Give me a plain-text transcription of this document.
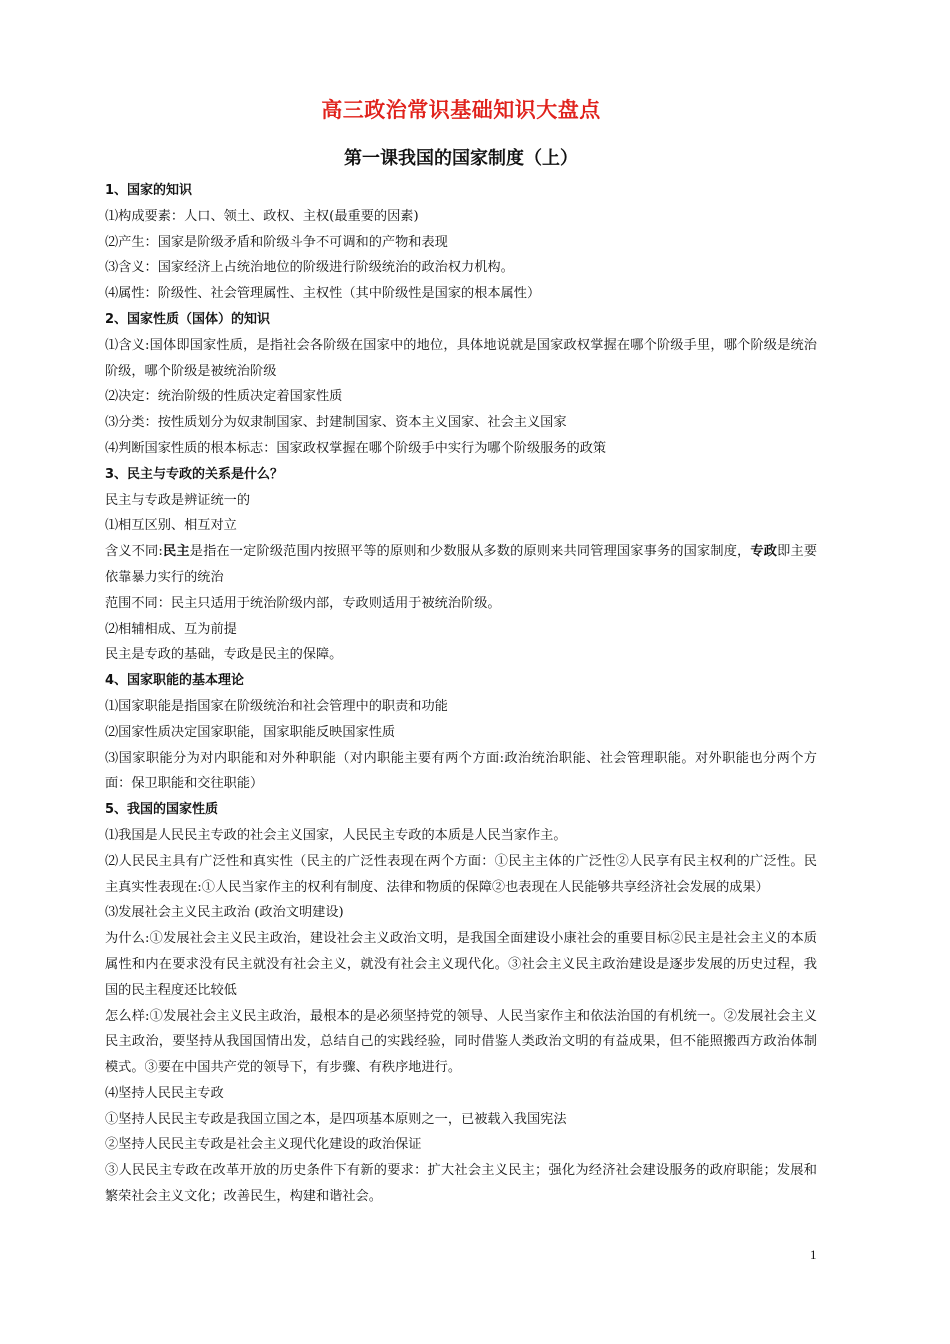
高三政治常识基础知识大盘点
第一课我国的国家制度（上）
1、国家的知识
⑴构成要素：人口、领土、政权、主权(最重要的因素)
⑵产生：国家是阶级矛盾和阶级斗争不可调和的产物和表现
⑶含义：国家经济上占统治地位的阶级进行阶级统治的政治权力机构。
⑷属性：阶级性、社会管理属性、主权性（其中阶级性是国家的根本属性）
2、国家性质（国体）的知识
⑴含义:国体即国家性质，是指社会各阶级在国家中的地位，具体地说就是国家政权掌握在哪个阶级手里，哪个阶级是统治阶级，哪个阶级是被统治阶级
⑵决定：统治阶级的性质决定着国家性质
⑶分类：按性质划分为奴隶制国家、封建制国家、资本主义国家、社会主义国家
⑷判断国家性质的根本标志：国家政权掌握在哪个阶级手中实行为哪个阶级服务的政策
3、民主与专政的关系是什么？
民主与专政是辨证统一的
⑴相互区别、相互对立
含义不同:民主是指在一定阶级范围内按照平等的原则和少数服从多数的原则来共同管理国家事务的国家制度，专政即主要依靠暴力实行的统治
范围不同：民主只适用于统治阶级内部，专政则适用于被统治阶级。
⑵相辅相成、互为前提
民主是专政的基础，专政是民主的保障。
4、国家职能的基本理论
⑴国家职能是指国家在阶级统治和社会管理中的职责和功能
⑵国家性质决定国家职能，国家职能反映国家性质
⑶国家职能分为对内职能和对外种职能（对内职能主要有两个方面:政治统治职能、社会管理职能。对外职能也分两个方面：保卫职能和交往职能）
5、我国的国家性质
⑴我国是人民民主专政的社会主义国家，人民民主专政的本质是人民当家作主。
⑵人民民主具有广泛性和真实性（民主的广泛性表现在两个方面：①民主主体的广泛性②人民享有民主权利的广泛性。民主真实性表现在:①人民当家作主的权利有制度、法律和物质的保障②也表现在人民能够共享经济社会发展的成果）
⑶发展社会主义民主政治 (政治文明建设)
为什么:①发展社会主义民主政治，建设社会主义政治文明，是我国全面建设小康社会的重要目标②民主是社会主义的本质属性和内在要求没有民主就没有社会主义，就没有社会主义现代化。③社会主义民主政治建设是逐步发展的历史过程，我国的民主程度还比较低
怎么样:①发展社会主义民主政治，最根本的是必须坚持党的领导、人民当家作主和依法治国的有机统一。②发展社会主义民主政治，要坚持从我国国情出发，总结自己的实践经验，同时借鉴人类政治文明的有益成果，但不能照搬西方政治体制模式。③要在中国共产党的领导下，有步骤、有秩序地进行。
⑷坚持人民民主专政
①坚持人民民主专政是我国立国之本，是四项基本原则之一，已被载入我国宪法
②坚持人民民主专政是社会主义现代化建设的政治保证
③人民民主专政在改革开放的历史条件下有新的要求：扩大社会主义民主；强化为经济社会建设服务的政府职能；发展和繁荣社会主义文化；改善民生，构建和谐社会。
1
